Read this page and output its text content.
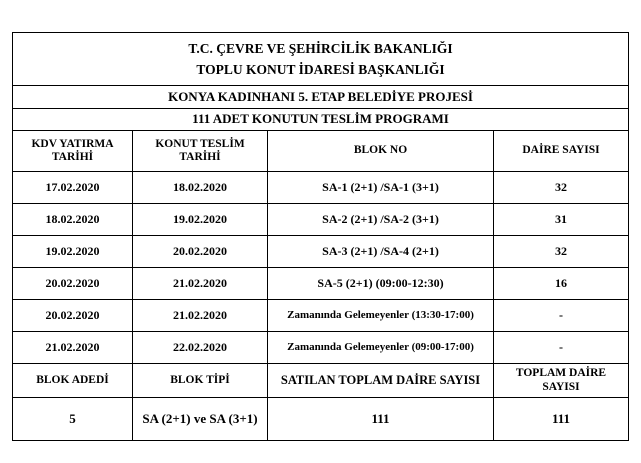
T.C. ÇEVRE VE ŞEHİRCİLİK BAKANLIĞI
TOPLU KONUT İDARESİ BAŞKANLIĞI			

KONYA KADINHANI 5. ETAP BELEDİYE PROJESİ			
111 ADET KONUTUN TESLİM PROGRAMI			
KDV YATIRMA TARİHİ	KONUT TESLİM TARİHİ	BLOK NO	DAİRE SAYISI
17.02.2020	18.02.2020	SA-1 (2+1) /SA-1 (3+1)	32
18.02.2020	19.02.2020	SA-2 (2+1) /SA-2 (3+1)	31
19.02.2020	20.02.2020	SA-3 (2+1) /SA-4 (2+1)	32
20.02.2020	21.02.2020	SA-5 (2+1) (09:00-12:30)	16
20.02.2020	21.02.2020	Zamanında Gelemeyenler (13:30-17:00)	-
21.02.2020	22.02.2020	Zamanında Gelemeyenler (09:00-17:00)	-
BLOK ADEDİ	BLOK TİPİ	SATILAN TOPLAM DAİRE SAYISI	TOPLAM DAİRE SAYISI
5	SA (2+1) ve SA (3+1)	111	111
